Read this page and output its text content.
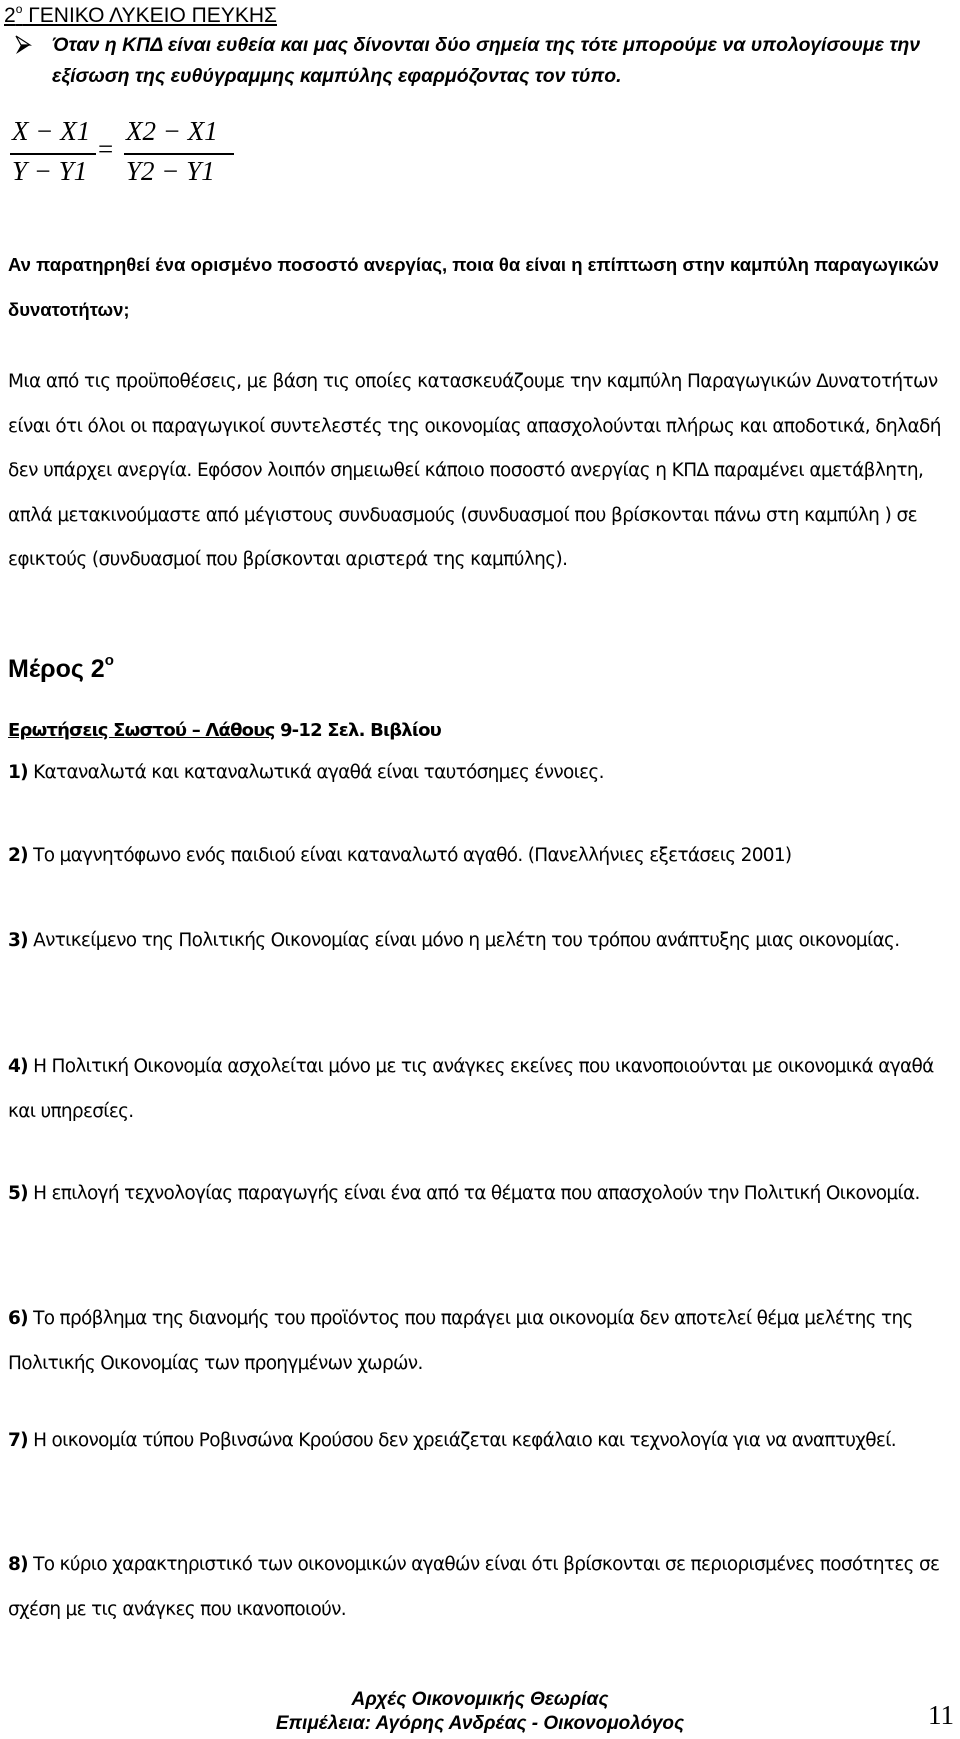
$2^o$ ΓΕΝΙΚΟ ΛΥΚΕΙΟ ΠΕΥΚΗΣ
Όταν η ΚΠΔ είναι ευθεία και μας δίνονται δύο σημεία της τότε μπορούμε να υπολογίσουμε την εξίσωση της ευθύγραμμης καμπύλης εφαρμόζοντας τον τύπο.
X − X1
Y − Y1
=
X2 − X1
Y2 − Y1
Αν παρατηρηθεί ένα ορισμένο ποσοστό ανεργίας, ποια θα είναι η επίπτωση στην καμπύλη παραγωγικών δυνατοτήτων;
Μια από τις προϋποθέσεις, με βάση τις οποίες κατασκευάζουμε την καμπύλη Παραγωγικών Δυνατοτήτων είναι ότι όλοι οι παραγωγικοί συντελεστές της οικονομίας απασχολούνται πλήρως και αποδοτικά, δηλαδή δεν υπάρχει ανεργία. Εφόσον λοιπόν σημειωθεί κάποιο ποσοστό ανεργίας η ΚΠΔ παραμένει αμετάβλητη, απλά μετακινούμαστε από μέγιστους συνδυασμούς (συνδυασμοί που βρίσκονται πάνω στη καμπύλη ) σε εφικτούς (συνδυασμοί που βρίσκονται αριστερά της καμπύλης).
Μέρος $2^o$
Ερωτήσεις Σωστού – Λάθους 9-12 Σελ. Βιβλίου
1) Καταναλωτά και καταναλωτικά αγαθά είναι ταυτόσημες έννοιες.
2) Το μαγνητόφωνο ενός παιδιού είναι καταναλωτό αγαθό. (Πανελλήνιες εξετάσεις 2001)
3) Αντικείμενο της Πολιτικής Οικονομίας είναι μόνο η μελέτη του τρόπου ανάπτυξης μιας οικονομίας.
4) Η Πολιτική Οικονομία ασχολείται μόνο με τις ανάγκες εκείνες που ικανοποιούνται με οικονομικά αγαθά και υπηρεσίες.
5) Η επιλογή τεχνολογίας παραγωγής είναι ένα από τα θέματα που απασχολούν την Πολιτική Οικονομία.
6) Το πρόβλημα της διανομής του προϊόντος που παράγει μια οικονομία δεν αποτελεί θέμα μελέτης της Πολιτικής Οικονομίας των προηγμένων χωρών.
7) Η οικονομία τύπου Ροβινσώνα Κρούσου δεν χρειάζεται κεφάλαιο και τεχνολογία για να αναπτυχθεί.
8) Το κύριο χαρακτηριστικό των οικονομικών αγαθών είναι ότι βρίσκονται σε περιορισμένες ποσότητες σε σχέση με τις ανάγκες που ικανοποιούν.
Αρχές Οικονομικής Θεωρίας
Επιμέλεια: Αγόρης Ανδρέας - Οικονομολόγος	11
